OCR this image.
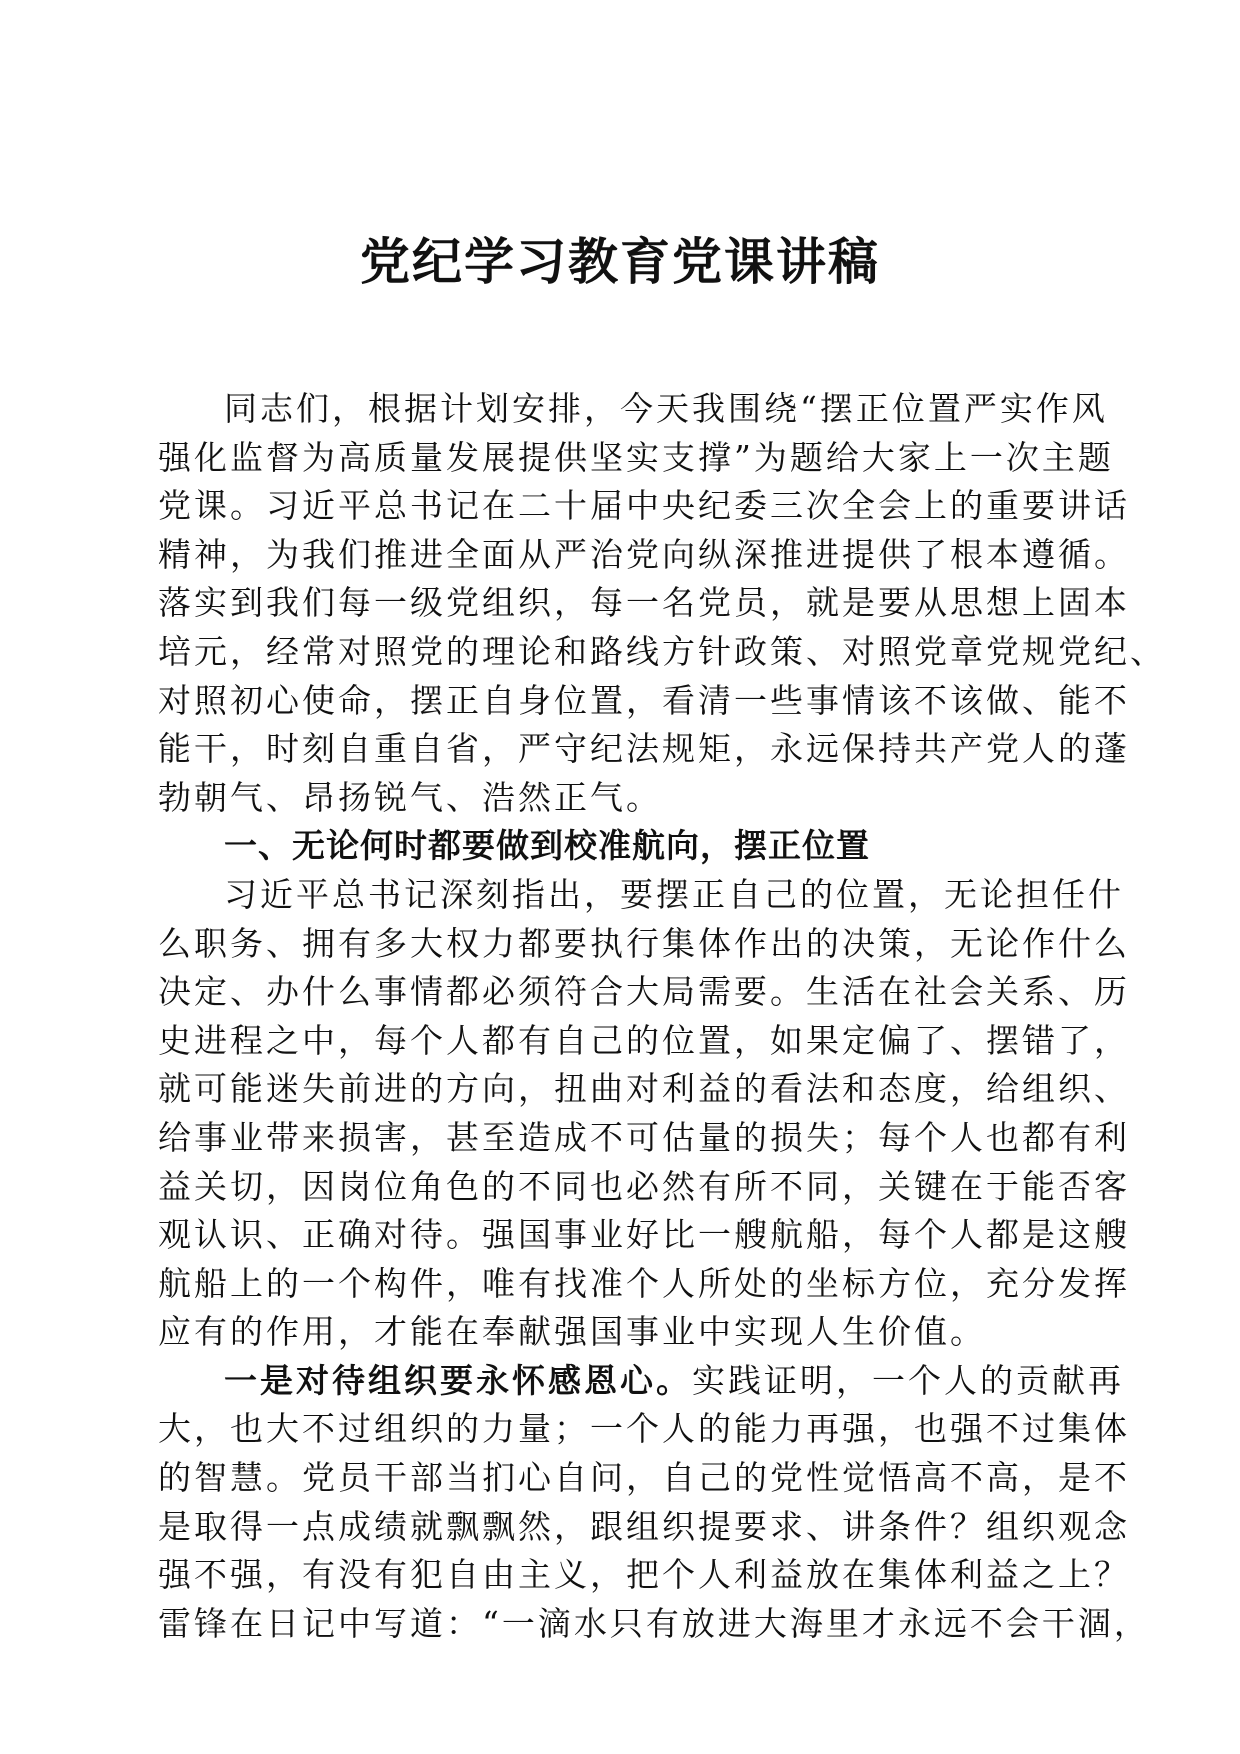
党纪学习教育党课讲稿
同志们，根据计划安排，今天我围绕“摆正位置严实作风
强化监督为高质量发展提供坚实支撑”为题给大家上一次主题
党课。习近平总书记在二十届中央纪委三次全会上的重要讲话
精神，为我们推进全面从严治党向纵深推进提供了根本遵循。
落实到我们每一级党组织，每一名党员，就是要从思想上固本
培元，经常对照党的理论和路线方针政策、对照党章党规党纪、
对照初心使命，摆正自身位置，看清一些事情该不该做、能不
能干，时刻自重自省，严守纪法规矩，永远保持共产党人的蓬
勃朝气、昂扬锐气、浩然正气。
一、无论何时都要做到校准航向，摆正位置
习近平总书记深刻指出，要摆正自己的位置，无论担任什
么职务、拥有多大权力都要执行集体作出的决策，无论作什么
决定、办什么事情都必须符合大局需要。生活在社会关系、历
史进程之中，每个人都有自己的位置，如果定偏了、摆错了，
就可能迷失前进的方向，扭曲对利益的看法和态度，给组织、
给事业带来损害，甚至造成不可估量的损失；每个人也都有利
益关切，因岗位角色的不同也必然有所不同，关键在于能否客
观认识、正确对待。强国事业好比一艘航船，每个人都是这艘
航船上的一个构件，唯有找准个人所处的坐标方位，充分发挥
应有的作用，才能在奉献强国事业中实现人生价值。
一是对待组织要永怀感恩心。实践证明，一个人的贡献再
大，也大不过组织的力量；一个人的能力再强，也强不过集体
的智慧。党员干部当扪心自问，自己的党性觉悟高不高，是不
是取得一点成绩就飘飘然，跟组织提要求、讲条件？组织观念
强不强，有没有犯自由主义，把个人利益放在集体利益之上？
雷锋在日记中写道：“一滴水只有放进大海里才永远不会干涸，
